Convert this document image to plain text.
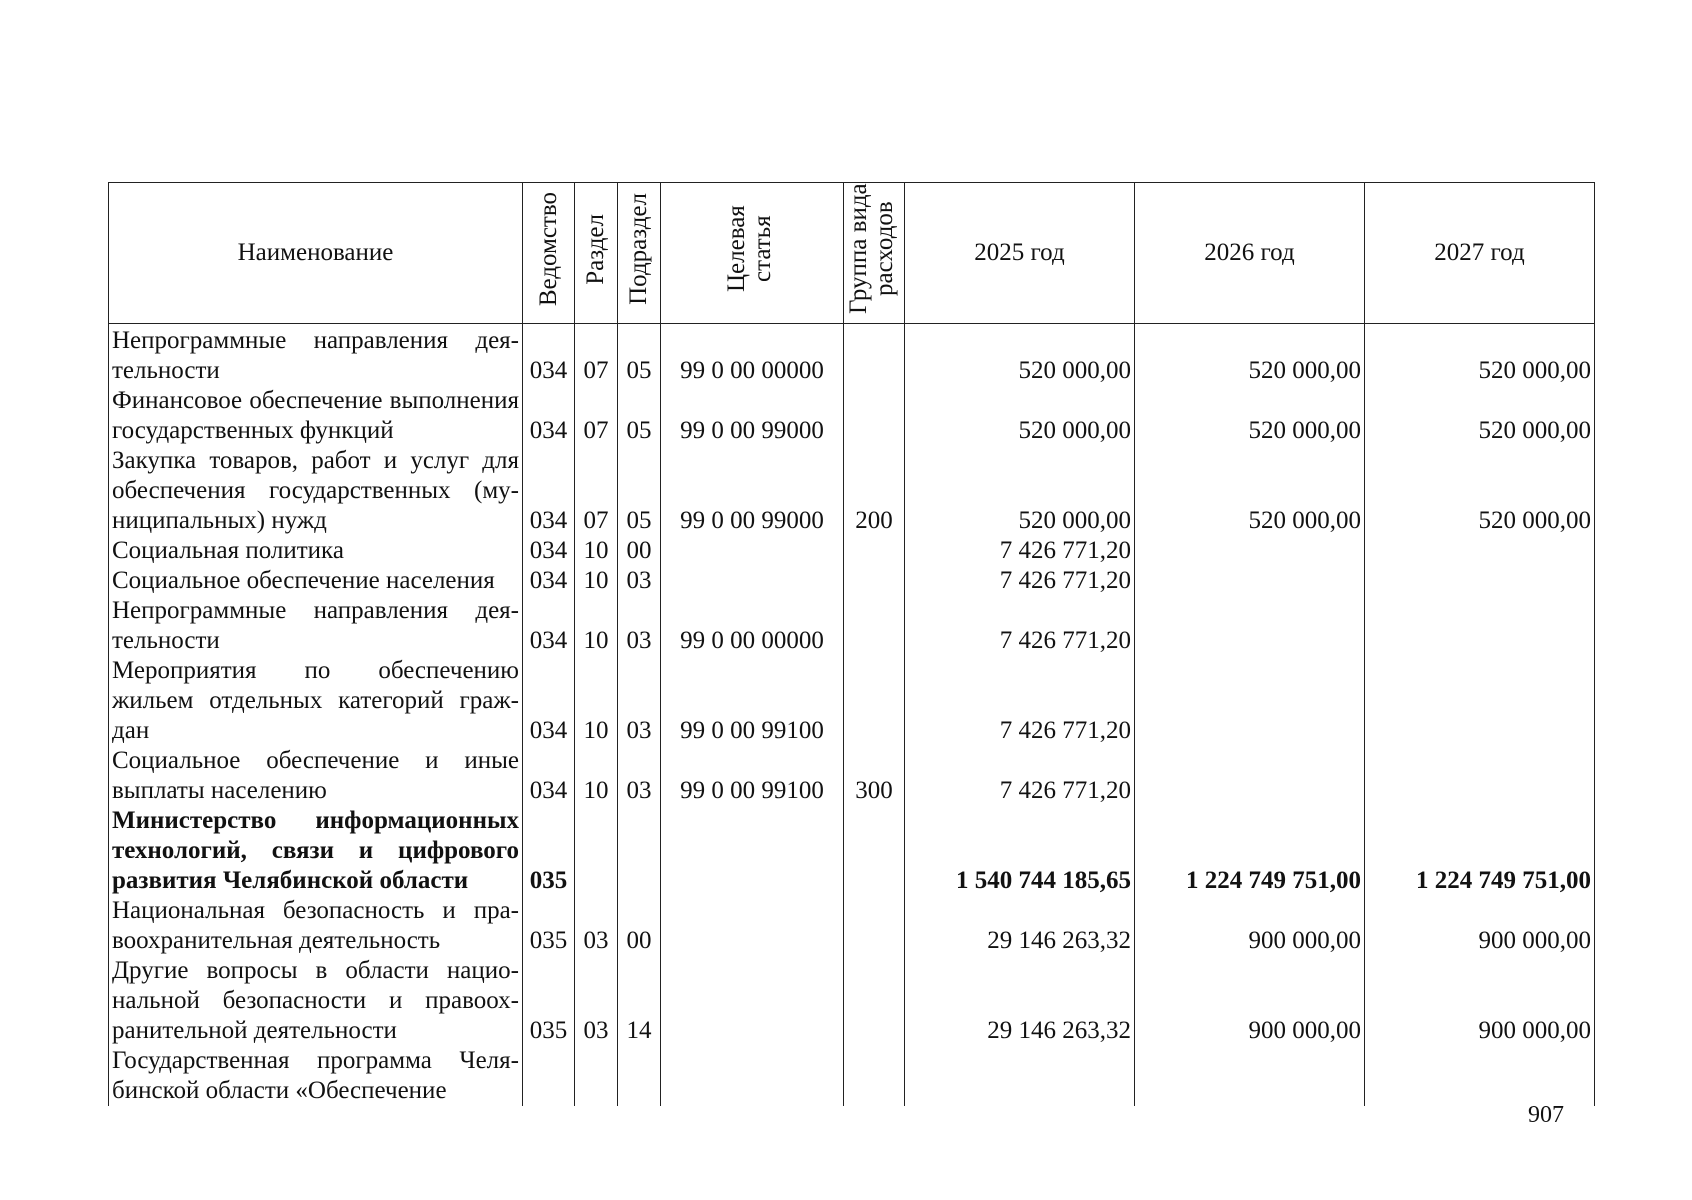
Наименование	Ведомство	Раздел	Подраздел	Целевая статья	Группа вида расходов	2025 год	2026 год	2027 год
Непрограммные направления деятельности	034	07	05	99 0 00 00000		520 000,00	520 000,00	520 000,00
Финансовое обеспечение выполнения государственных функций	034	07	05	99 0 00 99000		520 000,00	520 000,00	520 000,00
Закупка товаров, работ и услуг для обеспечения государственных (муниципальных) нужд	034	07	05	99 0 00 99000	200	520 000,00	520 000,00	520 000,00
Социальная политика	034	10	00			7 426 771,20		
Социальное обеспечение населения	034	10	03			7 426 771,20		
Непрограммные направления деятельности	034	10	03	99 0 00 00000		7 426 771,20		
Мероприятия по обеспечению жильем отдельных категорий граждан	034	10	03	99 0 00 99100		7 426 771,20		
Социальное обеспечение и иные выплаты населению	034	10	03	99 0 00 99100	300	7 426 771,20		
Министерство информационных технологий, связи и цифрового развития Челябинской области	035					1 540 744 185,65	1 224 749 751,00	1 224 749 751,00
Национальная безопасность и правоохранительная деятельность	035	03	00			29 146 263,32	900 000,00	900 000,00
Другие вопросы в области национальной безопасности и правоохранительной деятельности	035	03	14			29 146 263,32	900 000,00	900 000,00
Государственная программа Челябинской области «Обеспечение								
907
